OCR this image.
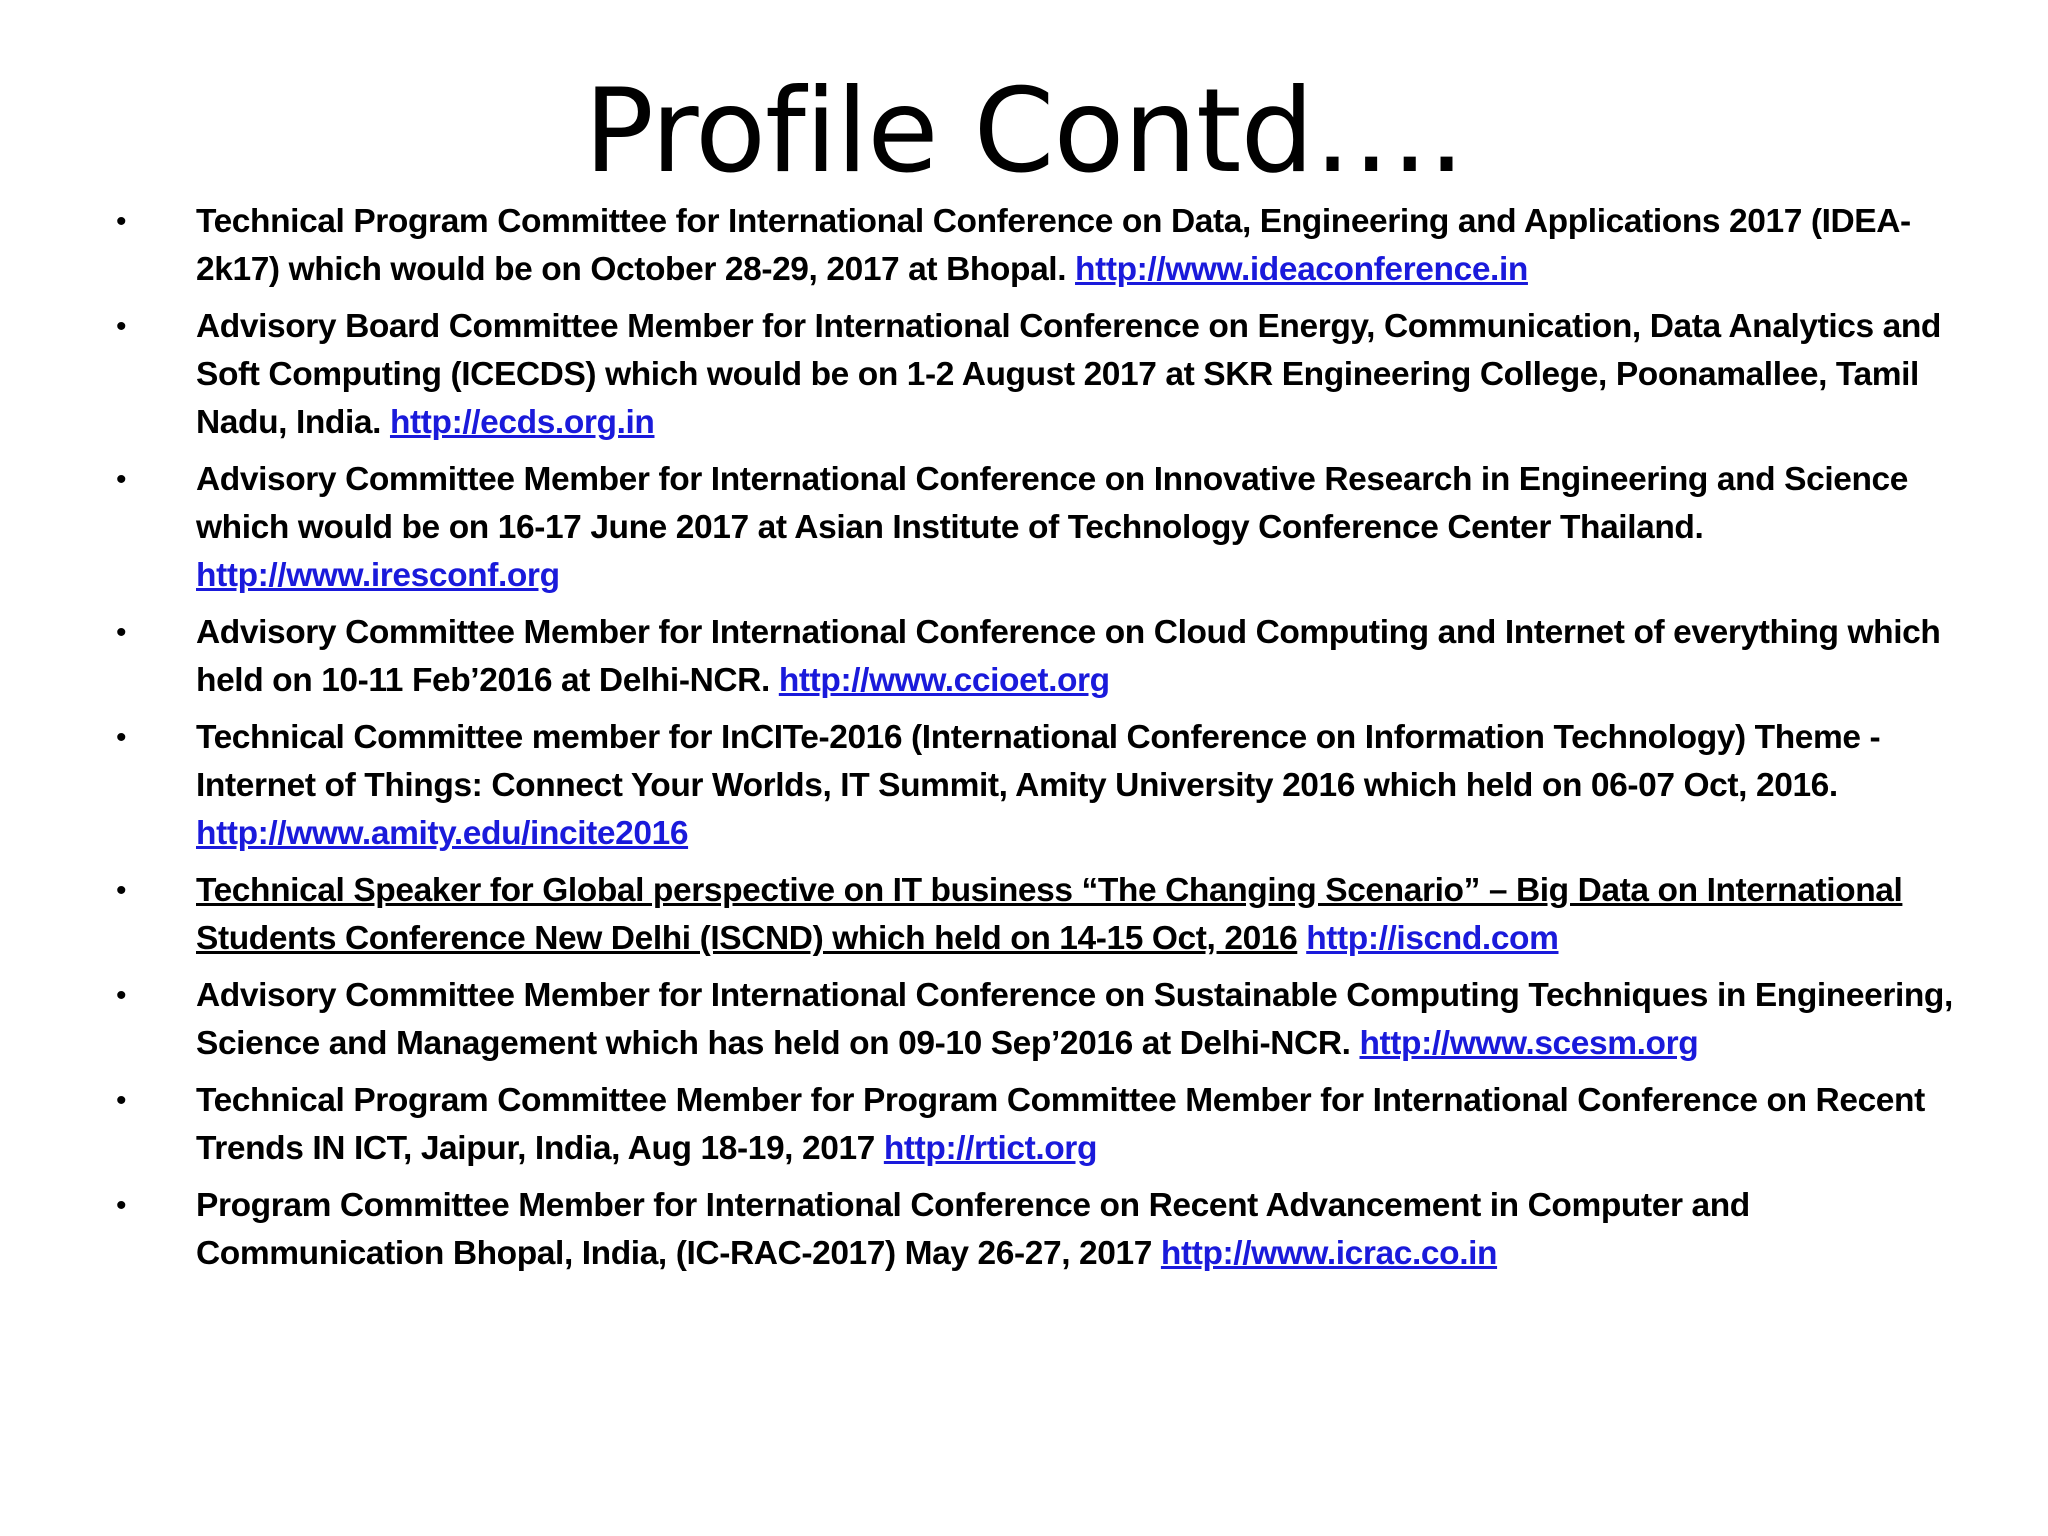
Profile Contd….
•	Technical Program Committee for International Conference on Data, Engineering and Applications 2017 (IDEA-2k17) which would be on October 28-29, 2017 at Bhopal. http://www.ideaconference.in
•	Advisory Board Committee Member for International Conference on Energy, Communication, Data Analytics and Soft Computing (ICECDS) which would be on 1-2 August 2017 at SKR Engineering College, Poonamallee, Tamil Nadu, India. http://ecds.org.in
•	Advisory Committee Member for International Conference on Innovative Research in Engineering and Science which would be on 16-17 June 2017 at Asian Institute of Technology Conference Center Thailand. http://www.iresconf.org
•	Advisory Committee Member for International Conference on Cloud Computing and Internet of everything which held on 10-11 Feb’2016 at Delhi-NCR. http://www.ccioet.org
•	Technical Committee member for InCITe-2016 (International Conference on Information Technology) Theme - Internet of Things: Connect Your Worlds, IT Summit, Amity University 2016 which held on 06-07 Oct, 2016. http://www.amity.edu/incite2016
•	Technical Speaker for Global perspective on IT business “The Changing Scenario” – Big Data on International Students Conference New Delhi (ISCND) which held on 14-15 Oct, 2016 http://iscnd.com
•	Advisory Committee Member for International Conference on Sustainable Computing Techniques in Engineering, Science and Management which has held on 09-10 Sep’2016 at Delhi-NCR. http://www.scesm.org
•	Technical Program Committee Member for Program Committee Member for International Conference on Recent Trends IN ICT, Jaipur, India, Aug 18-19, 2017 http://rtict.org
•	Program Committee Member for International Conference on Recent Advancement in Computer and Communication Bhopal, India, (IC-RAC-2017) May 26-27, 2017 http://www.icrac.co.in
